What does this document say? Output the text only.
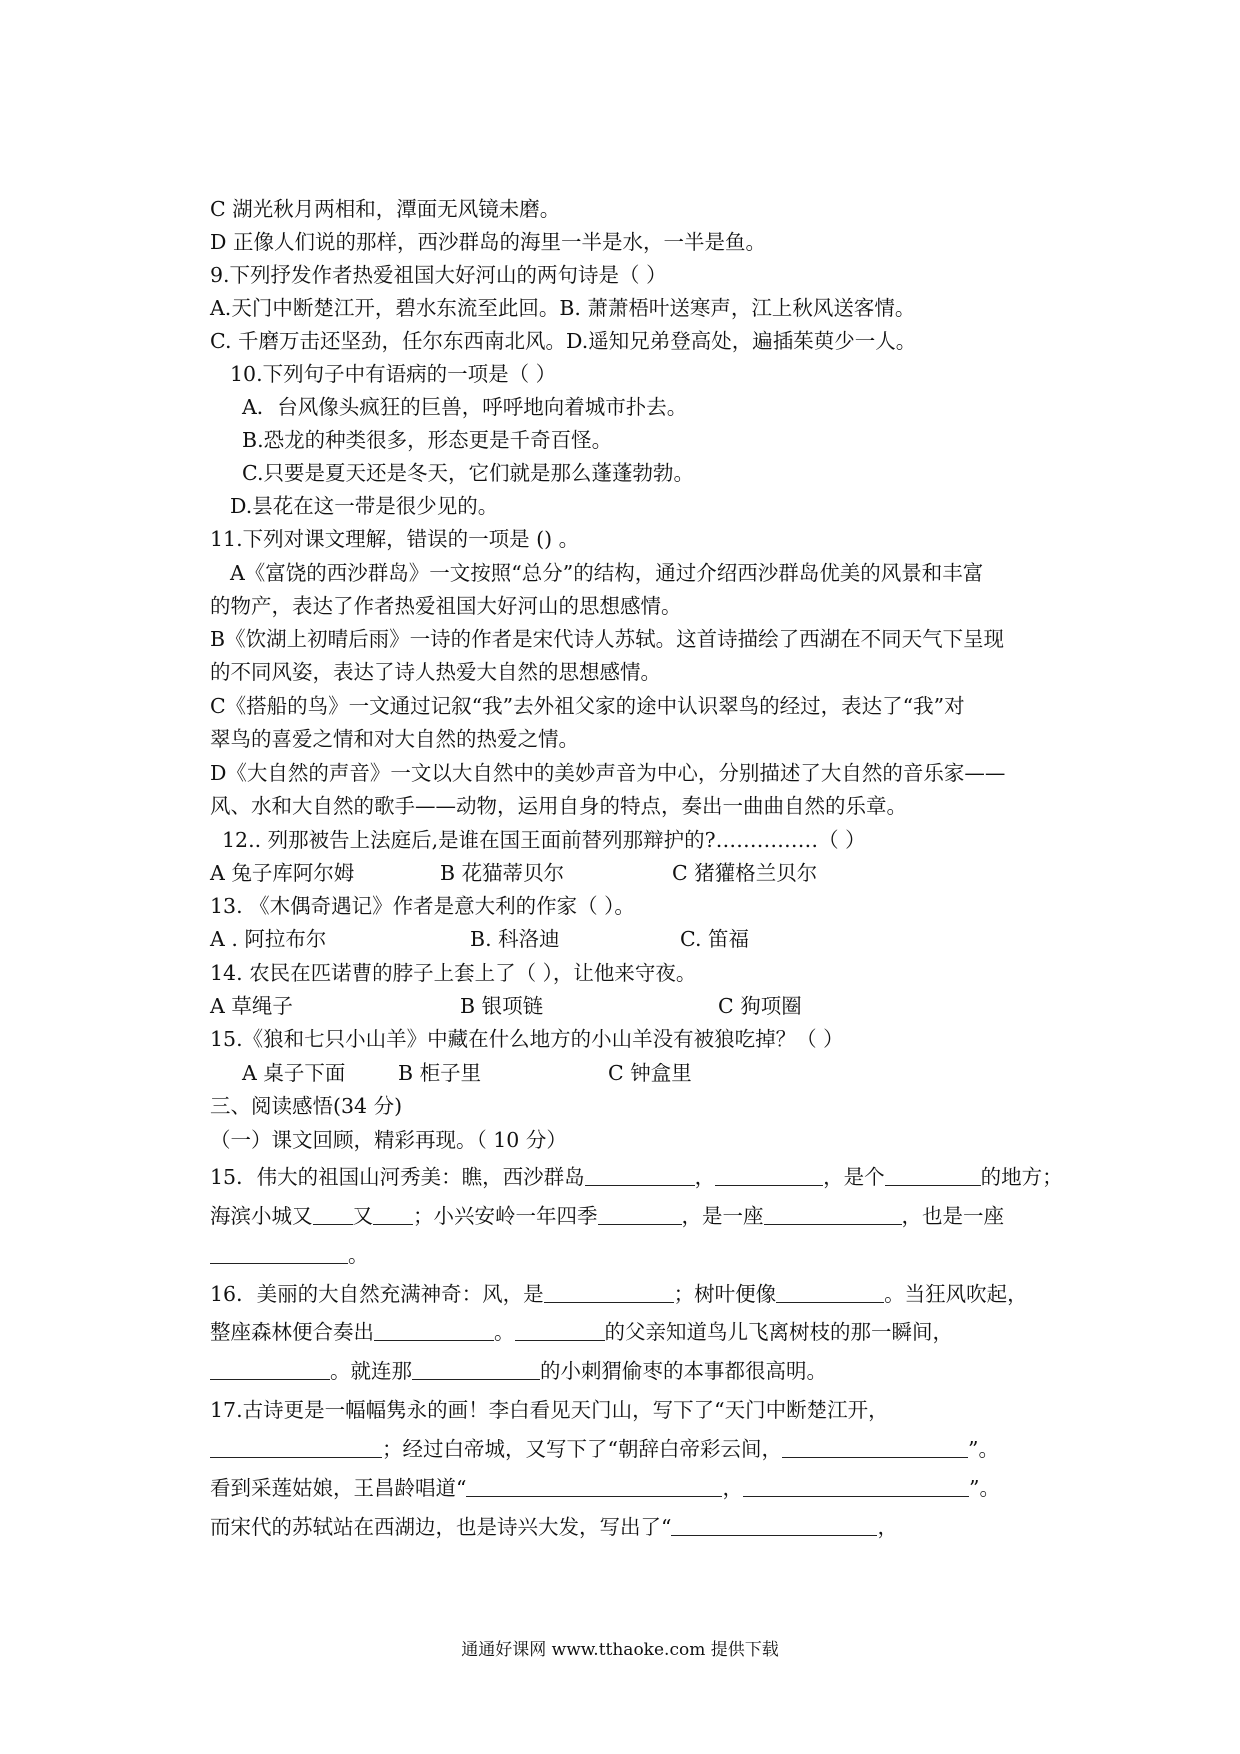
C 湖光秋月两相和，潭面无风镜未磨。
D 正像人们说的那样，西沙群岛的海里一半是水，一半是鱼。
9.下列抒发作者热爱祖国大好河山的两句诗是（ ）
A.天门中断楚江开，碧水东流至此回。B. 萧萧梧叶送寒声，江上秋风送客情。
C. 千磨万击还坚劲，任尔东西南北风。D.遥知兄弟登高处，遍插茱萸少一人。
10.下列句子中有语病的一项是（ ）
A．台风像头疯狂的巨兽，呼呼地向着城市扑去。
B.恐龙的种类很多，形态更是千奇百怪。
C.只要是夏天还是冬天，它们就是那么蓬蓬勃勃。
D.昙花在这一带是很少见的。
11.下列对课文理解，错误的一项是 () 。
A《富饶的西沙群岛》一文按照“总分”的结构，通过介绍西沙群岛优美的风景和丰富
的物产，表达了作者热爱祖国大好河山的思想感情。
B《饮湖上初晴后雨》一诗的作者是宋代诗人苏轼。这首诗描绘了西湖在不同天气下呈现
的不同风姿，表达了诗人热爱大自然的思想感情。
C《搭船的鸟》一文通过记叙“我”去外祖父家的途中认识翠鸟的经过，表达了“我”对
翠鸟的喜爱之情和对大自然的热爱之情。
D《大自然的声音》一文以大自然中的美妙声音为中心，分别描述了大自然的音乐家——
风、水和大自然的歌手——动物，运用自身的特点，奏出一曲曲自然的乐章。
12.. 列那被告上法庭后,是谁在国王面前替列那辩护的?……………（ ）
A 兔子库阿尔姆	B 花猫蒂贝尔	C 猪獾格兰贝尔
13. 《木偶奇遇记》作者是意大利的作家（ ）。
A . 阿拉布尔	B. 科洛迪	C. 笛福
14. 农民在匹诺曹的脖子上套上了（ ），让他来守夜。
A 草绳子	B 银项链	C 狗项圈
15.《狼和七只小山羊》中藏在什么地方的小山羊没有被狼吃掉？（ ）
A 桌子下面	B 柜子里	C 钟盒里
三、阅读感悟(34 分)
（一）课文回顾，精彩再现。（ 10 分）
15．伟大的祖国山河秀美：瞧，西沙群岛	，	，是个	的地方；
海滨小城又 又 ；小兴安岭一年四季	，是一座	，也是一座
。
16．美丽的大自然充满神奇：风，是	；树叶便像	。当狂风吹起，
整座森林便合奏出	。	的父亲知道鸟儿飞离树枝的那一瞬间，
。就连那	的小刺猬偷枣的本事都很高明。
17.古诗更是一幅幅隽永的画！李白看见天门山，写下了“天门中断楚江开，
；经过白帝城，又写下了“朝辞白帝彩云间，	”。
看到采莲姑娘，王昌龄唱道“	，	”。
而宋代的苏轼站在西湖边，也是诗兴大发，写出了“	，
通通好课网 www.tthaoke.com 提供下载
